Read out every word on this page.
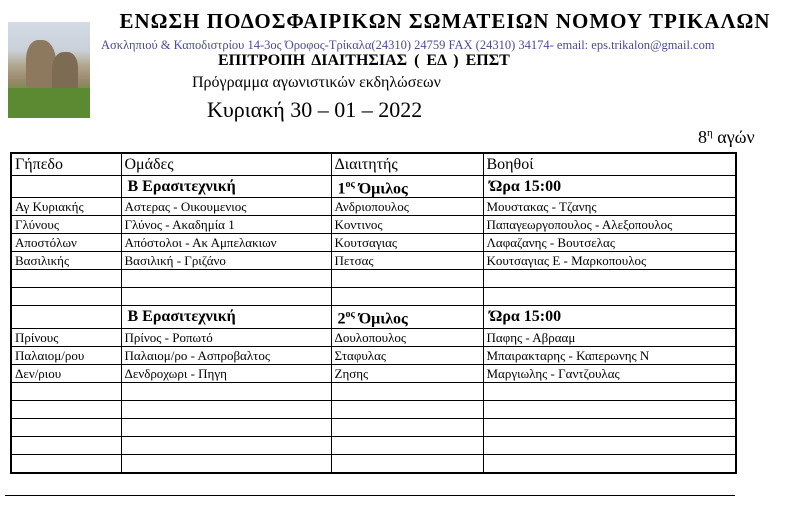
ΕΝΩΣΗ ΠΟΔΟΣΦΑΙΡΙΚΩΝ ΣΩΜΑΤΕΙΩΝ ΝΟΜΟΥ ΤΡΙΚΑΛΩΝ
Ασκληπιού & Καποδιστρίου 14-3ος Όροφος-Τρίκαλα(24310) 24759 FAX (24310) 34174- email: eps.trikalon@gmail.com
ΕΠΙΤΡΟΠΗ ΔΙΑΙΤΗΣΙΑΣ ( ΕΔ ) ΕΠΣΤ
Πρόγραμμα αγωνιστικών εκδηλώσεων
Κυριακή 30 – 01 – 2022
$8^\eta$ αγών
Γήπεδο	Ομάδες	Διαιτητής	Βοηθοί
	Β Ερασιτεχνική	$1^{o\varsigma}$ Όμιλος	Ώρα 15:00
Αγ Κυριακής	Αστερας - Οικουμενιος	Ανδριοπουλος	Μουστακας - Τζανης
Γλύνους	Γλύνος - Ακαδημία 1	Κοντινος	Παπαγεωργοπουλος - Αλεξοπουλος
Αποστόλων	Απόστολοι - Ακ Αμπελακιων	Κουτσαγιας	Λαφαζανης - Βουτσελας
Βασιλικής	Βασιλική - Γριζάνο	Πετσας	Κουτσαγιας Ε - Μαρκοπουλος

	Β Ερασιτεχνική	$2^{o\varsigma}$ Όμιλος	Ώρα 15:00
Πρίνους	Πρίνος - Ροπωτό	Δουλοπουλος	Παφης - Αβρααμ
Παλαιομ/ρου	Παλαιομ/ρο - Ασπροβαλτος	Σταφυλας	Μπαιρακταρης - Καπερωνης Ν
Δεν/ριου	Δενδροχωρι - Πηγη	Ζησης	Μαργιωλης - Γαντζουλας
